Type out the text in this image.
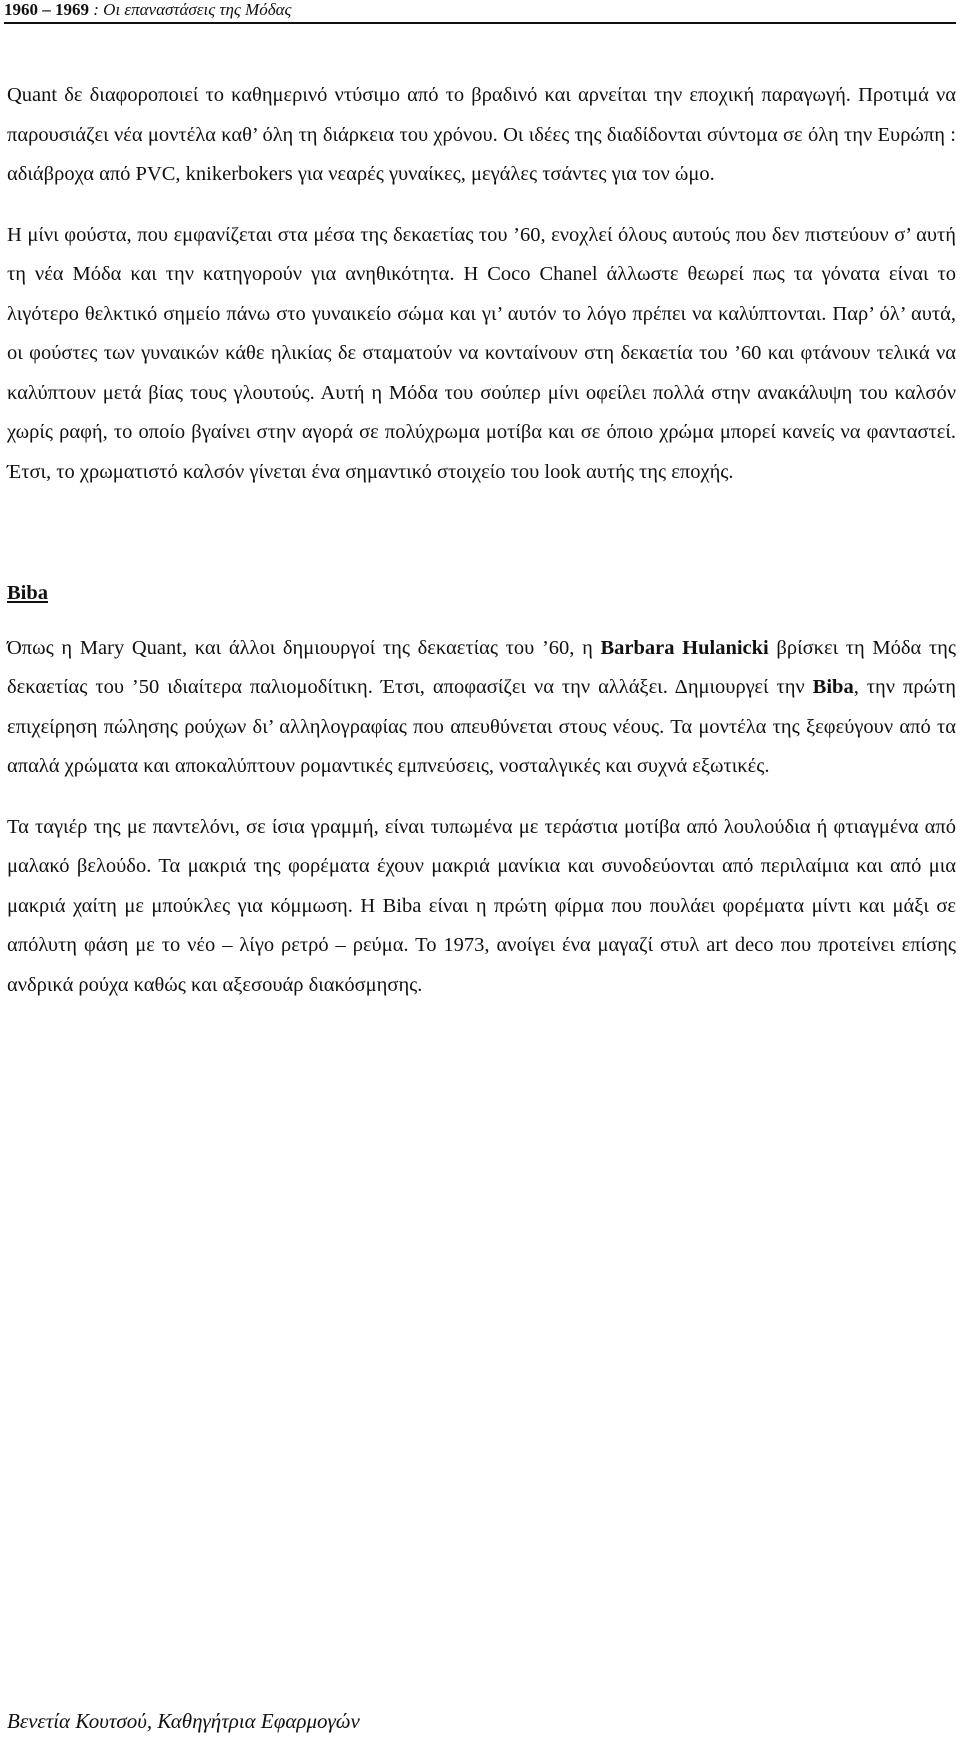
1960 – 1969 : Οι επαναστάσεις της Μόδας

Quant δε διαφοροποιεί το καθημερινό ντύσιμο από το βραδινό και αρνείται την εποχική παραγωγή. Προτιμά να παρουσιάζει νέα μοντέλα καθ’ όλη τη διάρκεια του χρόνου. Οι ιδέες της διαδίδονται σύντομα σε όλη την Ευρώπη : αδιάβροχα από PVC, knikerbokers για νεαρές γυναίκες, μεγάλες τσάντες για τον ώμο.

Η μίνι φούστα, που εμφανίζεται στα μέσα της δεκαετίας του ’60, ενοχλεί όλους αυτούς που δεν πιστεύουν σ’ αυτή τη νέα Μόδα και την κατηγορούν για ανηθικότητα. Η Coco Chanel άλλωστε θεωρεί πως τα γόνατα είναι το λιγότερο θελκτικό σημείο πάνω στο γυναικείο σώμα και γι’ αυτόν το λόγο πρέπει να καλύπτονται. Παρ’ όλ’ αυτά, οι φούστες των γυναικών κάθε ηλικίας δε σταματούν να κονταίνουν στη δεκαετία του ’60 και φτάνουν τελικά να καλύπτουν μετά βίας τους γλουτούς. Αυτή η Μόδα του σούπερ μίνι οφείλει πολλά στην ανακάλυψη του καλσόν χωρίς ραφή, το οποίο βγαίνει στην αγορά σε πολύχρωμα μοτίβα και σε όποιο χρώμα μπορεί κανείς να φανταστεί. Έτσι, το χρωματιστό καλσόν γίνεται ένα σημαντικό στοιχείο του look αυτής της εποχής.

Biba

Όπως η Mary Quant, και άλλοι δημιουργοί της δεκαετίας του ’60, η Barbara Hulanicki βρίσκει τη Μόδα της δεκαετίας του ’50 ιδιαίτερα παλιομοδίτικη. Έτσι, αποφασίζει να την αλλάξει. Δημιουργεί την Biba, την πρώτη επιχείρηση πώλησης ρούχων δι’ αλληλογραφίας που απευθύνεται στους νέους. Τα μοντέλα της ξεφεύγουν από τα απαλά χρώματα και αποκαλύπτουν ρομαντικές εμπνεύσεις, νοσταλγικές και συχνά εξωτικές.

Τα ταγιέρ της με παντελόνι, σε ίσια γραμμή, είναι τυπωμένα με τεράστια μοτίβα από λουλούδια ή φτιαγμένα από μαλακό βελούδο. Τα μακριά της φορέματα έχουν μακριά μανίκια και συνοδεύονται από περιλαίμια και από μια μακριά χαίτη με μπούκλες για κόμμωση. Η Biba είναι η πρώτη φίρμα που πουλάει φορέματα μίντι και μάξι σε απόλυτη φάση με το νέο – λίγο ρετρό – ρεύμα. Το 1973, ανοίγει ένα μαγαζί στυλ art deco που προτείνει επίσης ανδρικά ρούχα καθώς και αξεσουάρ διακόσμησης.

Βενετία Κουτσού, Καθηγήτρια Εφαρμογών
